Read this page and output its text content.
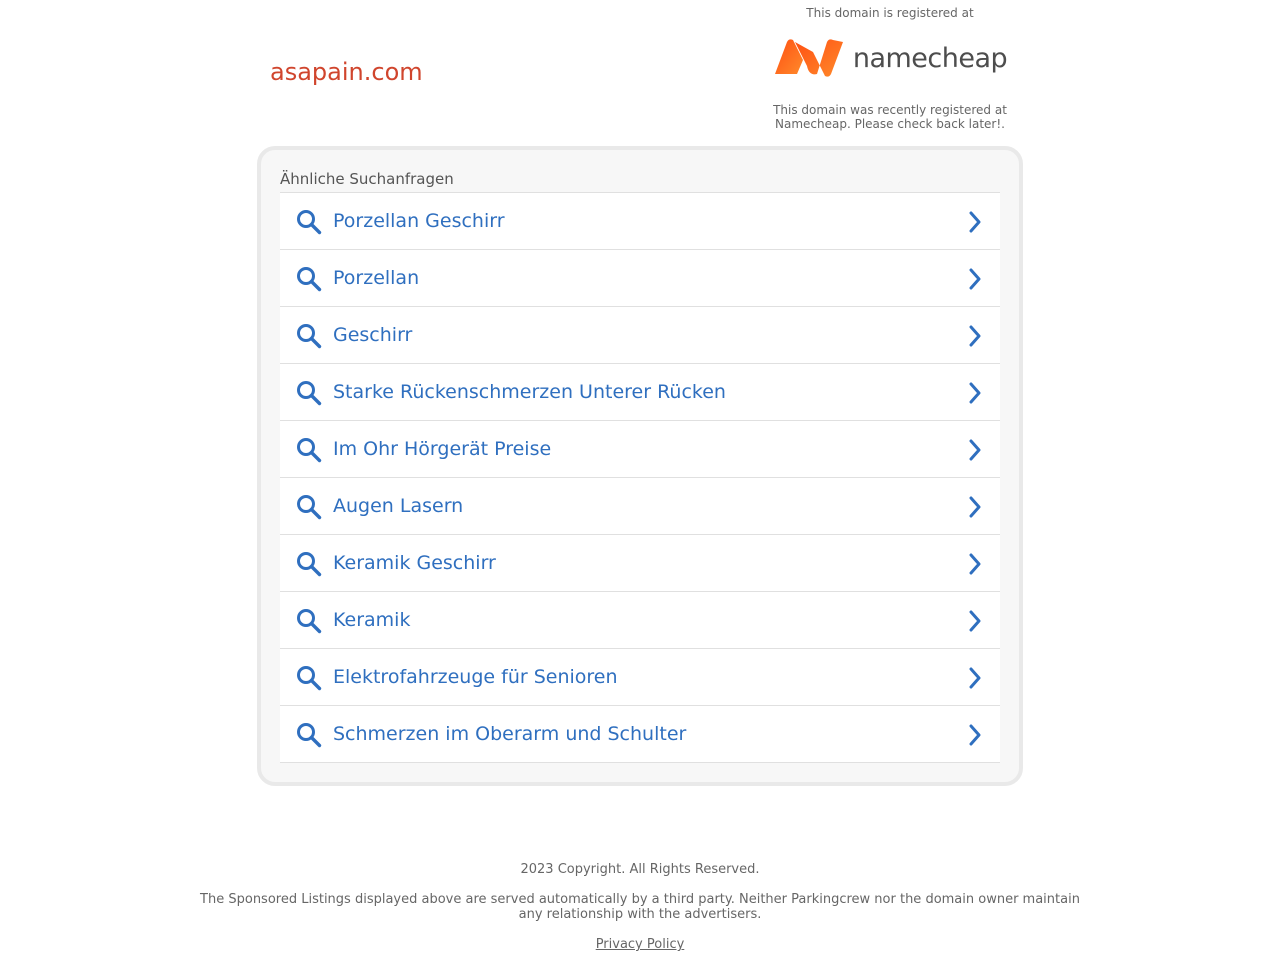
asapain.com
This domain is registered at
namecheap
This domain was recently registered at Namecheap. Please check back later!.
Ähnliche Suchanfragen
Porzellan Geschirr
Porzellan
Geschirr
Starke Rückenschmerzen Unterer Rücken
Im Ohr Hörgerät Preise
Augen Lasern
Keramik Geschirr
Keramik
Elektrofahrzeuge für Senioren
Schmerzen im Oberarm und Schulter
2023 Copyright. All Rights Reserved.
The Sponsored Listings displayed above are served automatically by a third party. Neither Parkingcrew nor the domain owner maintain any relationship with the advertisers.
Privacy Policy
